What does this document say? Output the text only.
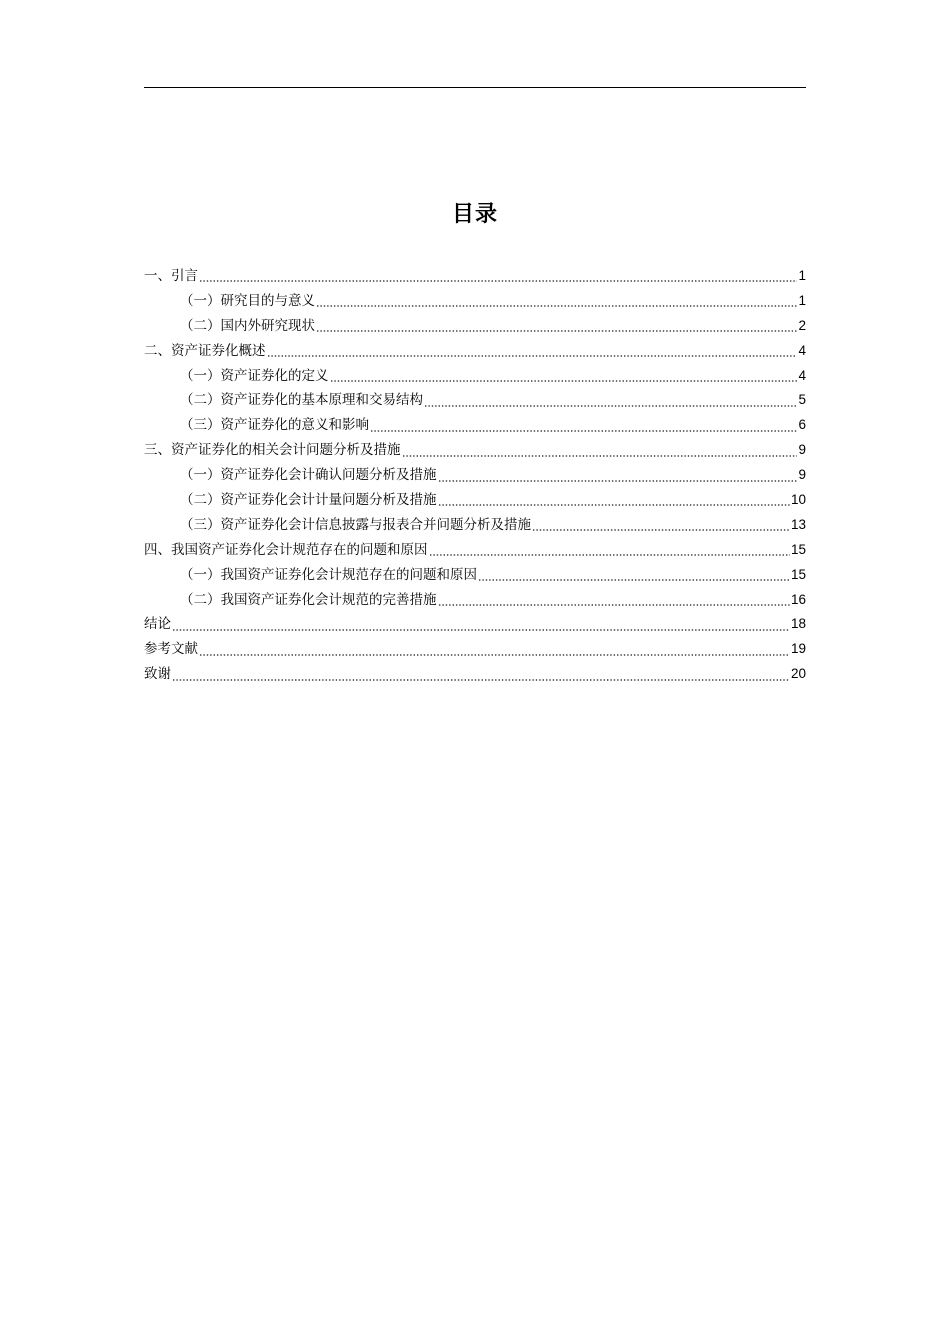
目录
一、引言	1
（一）研究目的与意义	1
（二）国内外研究现状	2
二、资产证券化概述	4
（一）资产证券化的定义	4
（二）资产证券化的基本原理和交易结构	5
（三）资产证券化的意义和影响	6
三、资产证券化的相关会计问题分析及措施	9
（一）资产证券化会计确认问题分析及措施	9
（二）资产证券化会计计量问题分析及措施	10
（三）资产证券化会计信息披露与报表合并问题分析及措施	13
四、我国资产证券化会计规范存在的问题和原因	15
（一）我国资产证券化会计规范存在的问题和原因	15
（二）我国资产证券化会计规范的完善措施	16
结论	18
参考文献	19
致谢	20
